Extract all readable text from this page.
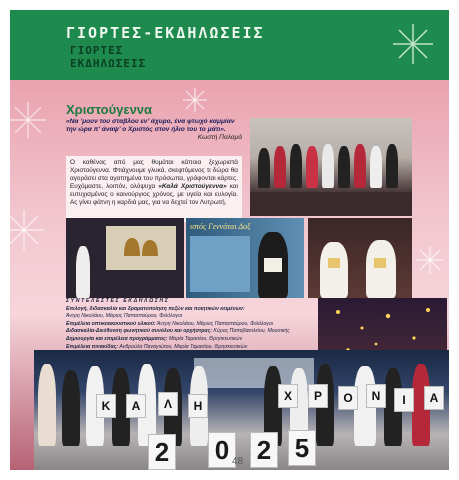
ΓΙΟΡΤΕΣ-ΕΚΔΗΛΩΣΕΙΣ
ΓΙΟΡΤΕΣ
ΕΚΔΗΛΩΣΕΙΣ
Χριστούγεννα
«Να ’μουν του σταβλου εν’ άχυρο, ένα φτωχό καμμίαν την ώρα π’ άναψ’ ο Χριστός στον ήλιο του το μάτι».
Κωστή Παλαμά
Ο καθένας από μας θυμάται κάποια ξεχωριστά Χριστούγεννα. Φτιάχνουμε γλυκά, σκεφτόμενος τι δώρα θα αγοράσει στα αγαπημένα του πρόσωπα, γράφονται κάρτες. Ευχόμαστε, λοιπόν, ολόψυχα «Καλά Χριστούγεννα» και ευτυχισμένος ο καινούργιος χρόνος, με υγεία και ευλογία. Ας γίνει φάτνη η καρδιά μας, για να δεχτεί τον Λυτρωτή.
ιστός Γεννάται Δοξ
ΣΥΝΤΕΛΕΣΤΕΣ ΕΚΔΗΛΩΣΗΣ
Επιλογή, διδασκαλία και δραματοποίηση πεζών και ποιητικών κειμένων:
Άντρη Νικολάου, Μάριος Παπασταύρου, Φιλόλογοι
Επιμέλεια οπτικοακουστικού υλικού: Άντρη Νικολάου, Μάριος Παπασταύρου, Φιλόλογοι
Διδασκαλία-Διεύθυνση φωνητικού συνόλου και ορχήστρας: Κύρος Παπαβασιλείου, Μουσικής
Δημιουργία και επιμέλεια προγράμματος: Μαρία Ταμασίου, Θρησκευτικών
Επιμέλεια πινακίδας: Ανθρούλα Παναγιώτου, Μαρία Ταμασίου, Θρησκευτικών
Κ	Α	Λ	Η
Χ	Ρ	Ο	Ν	Ι	Α
2 0 2 5
48
